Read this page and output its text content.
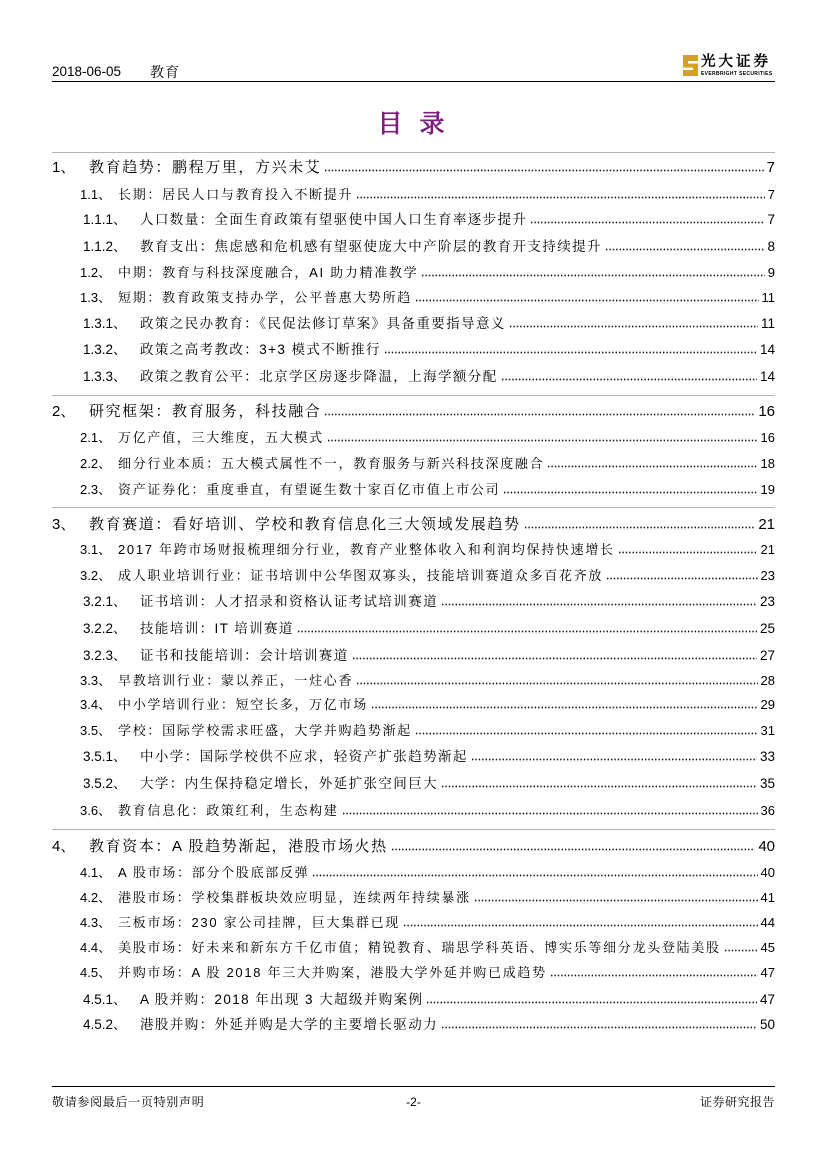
2018-06-05 教育
光大证券
EVERBRIGHT SECURITIES
目 录
1、 教育趋势：鹏程万里，方兴未艾	7
1.1、 长期：居民人口与教育投入不断提升	7
1.1.1、 人口数量：全面生育政策有望驱使中国人口生育率逐步提升	7
1.1.2、 教育支出：焦虑感和危机感有望驱使庞大中产阶层的教育开支持续提升	8
1.2、 中期：教育与科技深度融合，AI 助力精准教学	9
1.3、 短期：教育政策支持办学，公平普惠大势所趋	11
1.3.1、 政策之民办教育：《民促法修订草案》具备重要指导意义	11
1.3.2、 政策之高考教改：3+3 模式不断推行	14
1.3.3、 政策之教育公平：北京学区房逐步降温，上海学额分配	14
2、 研究框架：教育服务，科技融合	16
2.1、 万亿产值，三大维度，五大模式	16
2.2、 细分行业本质：五大模式属性不一，教育服务与新兴科技深度融合	18
2.3、 资产证券化：重度垂直，有望诞生数十家百亿市值上市公司	19
3、 教育赛道：看好培训、学校和教育信息化三大领域发展趋势	21
3.1、 2017 年跨市场财报梳理细分行业，教育产业整体收入和利润均保持快速增长	21
3.2、 成人职业培训行业：证书培训中公华图双寡头，技能培训赛道众多百花齐放	23
3.2.1、 证书培训：人才招录和资格认证考试培训赛道	23
3.2.2、 技能培训：IT 培训赛道	25
3.2.3、 证书和技能培训：会计培训赛道	27
3.3、 早教培训行业：蒙以养正，一炷心香	28
3.4、 中小学培训行业：短空长多，万亿市场	29
3.5、 学校：国际学校需求旺盛，大学并购趋势渐起	31
3.5.1、 中小学：国际学校供不应求，轻资产扩张趋势渐起	33
3.5.2、 大学：内生保持稳定增长，外延扩张空间巨大	35
3.6、 教育信息化：政策红利，生态构建	36
4、 教育资本：A 股趋势渐起，港股市场火热	40
4.1、 A 股市场：部分个股底部反弹	40
4.2、 港股市场：学校集群板块效应明显，连续两年持续暴涨	41
4.3、 三板市场：230 家公司挂牌，巨大集群已现	44
4.4、 美股市场：好未来和新东方千亿市值；精锐教育、瑞思学科英语、博实乐等细分龙头登陆美股	45
4.5、 并购市场：A 股 2018 年三大并购案，港股大学外延并购已成趋势	47
4.5.1、 A 股并购：2018 年出现 3 大超级并购案例	47
4.5.2、 港股并购：外延并购是大学的主要增长驱动力	50
敬请参阅最后一页特别声明	-2-	证券研究报告
